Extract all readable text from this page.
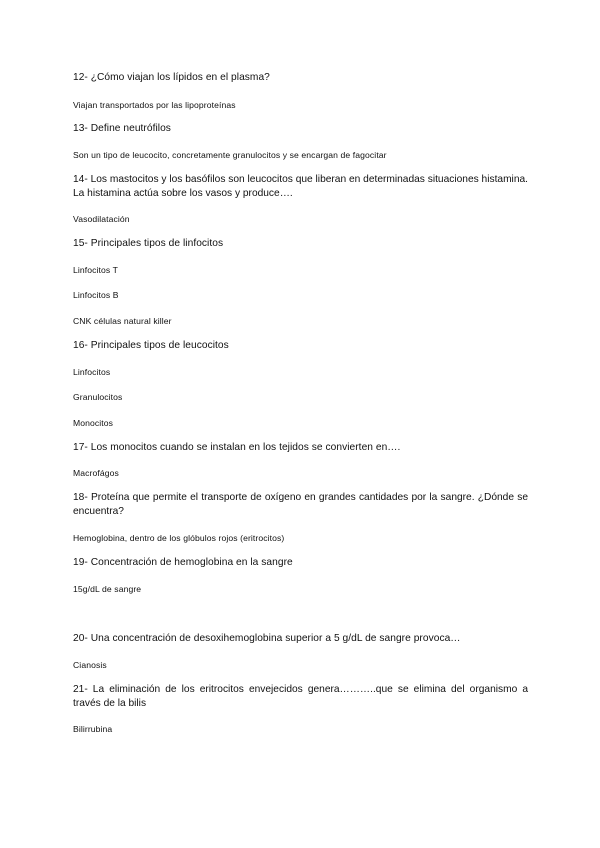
12- ¿Cómo viajan los lípidos en el plasma?

Viajan transportados por las lipoproteínas

13- Define neutrófilos

Son un tipo de leucocito, concretamente granulocitos y se encargan de fagocitar

14- Los mastocitos y los basófilos son leucocitos que liberan en determinadas situaciones histamina. La histamina actúa sobre los vasos y produce….

Vasodilatación

15- Principales tipos de linfocitos

Linfocitos T

Linfocitos B

CNK células natural killer

16- Principales tipos de leucocitos

Linfocitos

Granulocitos

Monocitos

17- Los monocitos cuando se instalan en los tejidos se convierten en….

Macrofágos

18- Proteína que permite el transporte de oxígeno en grandes cantidades por la sangre. ¿Dónde se encuentra?

Hemoglobina, dentro de los glóbulos rojos (eritrocitos)

19- Concentración de hemoglobina en la sangre

15g/dL de sangre

20- Una concentración de desoxihemoglobina superior a 5 g/dL de sangre provoca…

Cianosis

21- La eliminación de los eritrocitos envejecidos genera………..que se elimina del organismo a través de la bilis

Bilirrubina
